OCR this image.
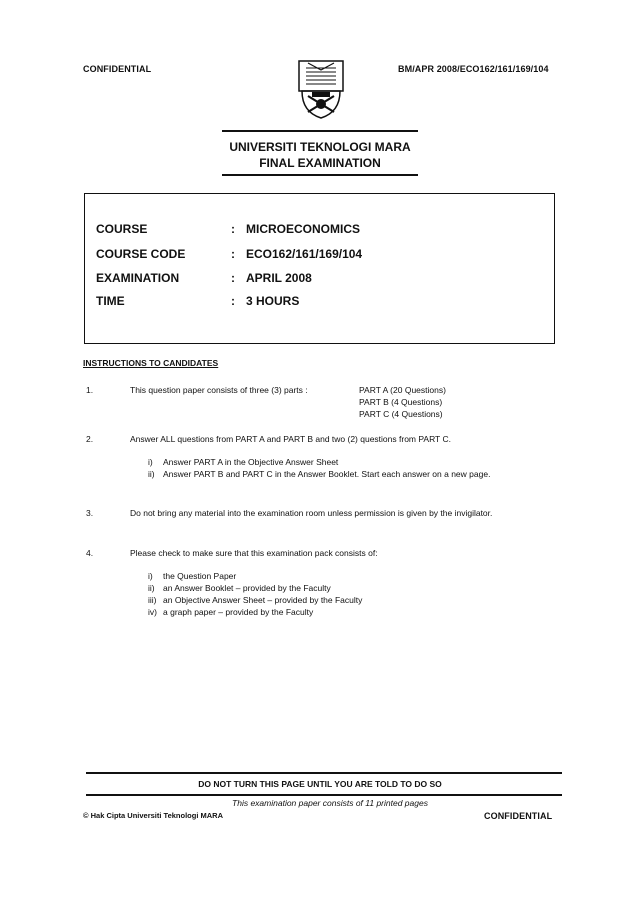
CONFIDENTIAL	BM/APR 2008/ECO162/161/169/104
UNIVERSITI TEKNOLOGI MARA
FINAL EXAMINATION
COURSE	: MICROECONOMICS
COURSE CODE	: ECO162/161/169/104
EXAMINATION	: APRIL 2008
TIME	: 3 HOURS
INSTRUCTIONS TO CANDIDATES
1.	This question paper consists of three (3) parts :	PART A (20 Questions)
PART B (4 Questions)
PART C (4 Questions)
2.	Answer ALL questions from PART A and PART B and two (2) questions from PART C.
i) Answer PART A in the Objective Answer Sheet
ii) Answer PART B and PART C in the Answer Booklet. Start each answer on a new page.
3.	Do not bring any material into the examination room unless permission is given by the invigilator.
4.	Please check to make sure that this examination pack consists of:
i) the Question Paper
ii) an Answer Booklet – provided by the Faculty
iii) an Objective Answer Sheet – provided by the Faculty
iv) a graph paper – provided by the Faculty
DO NOT TURN THIS PAGE UNTIL YOU ARE TOLD TO DO SO
This examination paper consists of 11 printed pages
© Hak Cipta Universiti Teknologi MARA	CONFIDENTIAL
